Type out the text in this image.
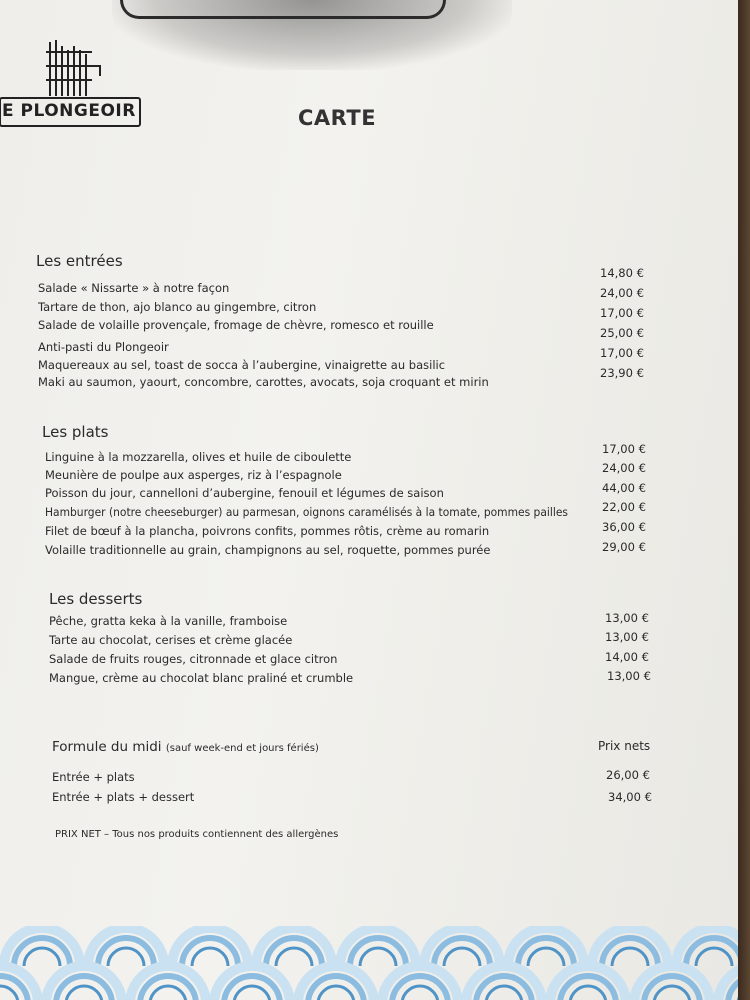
E PLONGEOIR	CARTE
Les entrées
Salade « Nissarte » à notre façon
Tartare de thon, ajo blanco au gingembre, citron
Salade de volaille provençale, fromage de chèvre, romesco et rouille
Anti-pasti du Plongeoir
Maquereaux au sel, toast de socca à l’aubergine, vinaigrette au basilic
Maki au saumon, yaourt, concombre, carottes, avocats, soja croquant et mirin
14,80 €
24,00 €
17,00 €
25,00 €
17,00 €
23,90 €
Les plats
Linguine à la mozzarella, olives et huile de ciboulette
Meunière de poulpe aux asperges, riz à l’espagnole
Poisson du jour, cannelloni d’aubergine, fenouil et légumes de saison
Hamburger (notre cheeseburger) au parmesan, oignons caramélisés à la tomate, pommes pailles
Filet de bœuf à la plancha, poivrons confits, pommes rôtis, crème au romarin
Volaille traditionnelle au grain, champignons au sel, roquette, pommes purée
17,00 €
24,00 €
44,00 €
22,00 €
36,00 €
29,00 €
Les desserts
Pêche, gratta keka à la vanille, framboise
Tarte au chocolat, cerises et crème glacée
Salade de fruits rouges, citronnade et glace citron
Mangue, crème au chocolat blanc praliné et crumble
13,00 €
13,00 €
14,00 €
13,00 €
Formule du midi (sauf week-end et jours fériés)	Prix nets
Entrée + plats
Entrée + plats + dessert
26,00 €
34,00 €
PRIX NET – Tous nos produits contiennent des allergènes
